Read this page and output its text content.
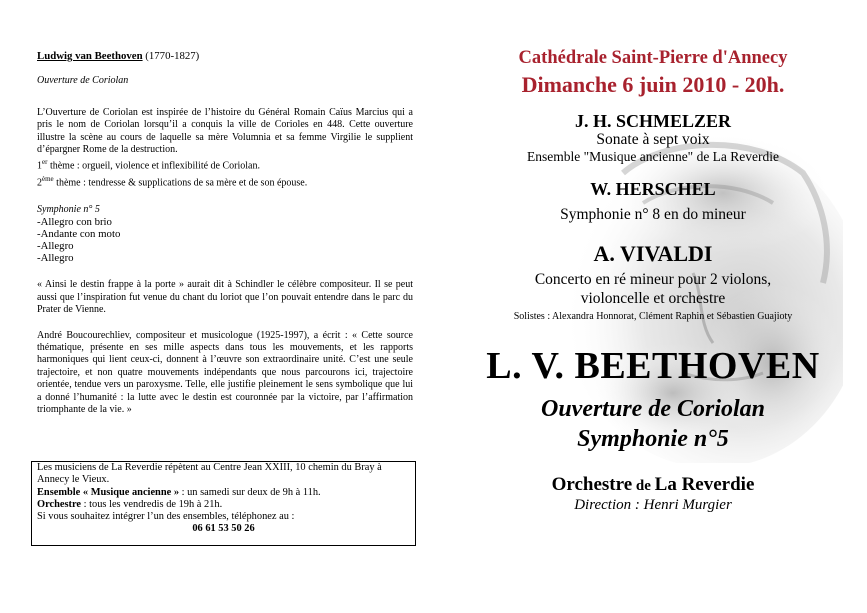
Ludwig van Beethoven (1770-1827)

Ouverture de Coriolan

L’Ouverture de Coriolan est inspirée de l’histoire du Général Romain Caïus Marcius qui a pris le nom de Coriolan lorsqu’il a conquis la ville de Corioles en 448. Cette ouverture illustre la scène au cours de laquelle sa mère Volumnia et sa femme Virgilie le supplient d’épargner Rome de la destruction.

1er thème : orgueil, violence et inflexibilité de Coriolan.

2ème thème : tendresse & supplications de sa mère et de son épouse.

Symphonie n° 5

-Allegro con brio

-Andante con moto

-Allegro

-Allegro

« Ainsi le destin frappe à la porte » aurait dit à Schindler le célèbre compositeur. Il se peut aussi que l’inspiration fut venue du chant du loriot que l’on pouvait entendre dans le parc du Prater de Vienne.

André Boucourechliev, compositeur et musicologue (1925-1997), a écrit : « Cette source thématique, présente en ses mille aspects dans tous les mouvements, et les rapports harmoniques qui lient ceux-ci, donnent à l’œuvre son extraordinaire unité. C’est une seule trajectoire, et non quatre mouvements indépendants que nous parcourons ici, trajectoire orientée, tendue vers un paroxysme. Telle, elle justifie pleinement le sens symbolique que lui a donné l’humanité : la lutte avec le destin est couronnée par la victoire, par l’affirmation triomphante de la vie. »

Les musiciens de La Reverdie répètent au Centre Jean XXIII, 10 chemin du Bray à Annecy le Vieux.

Ensemble « Musique ancienne » : un samedi sur deux de 9h à 11h.

Orchestre : tous les vendredis de 19h à 21h.

Si vous souhaitez intégrer l’un des ensembles, téléphonez au :

06 61 53 50 26

Cathédrale Saint-Pierre d'Annecy
Dimanche 6 juin 2010 - 20h.
J. H. SCHMELZER
Sonate à sept voix
Ensemble "Musique ancienne" de La Reverdie
W. HERSCHEL
Symphonie n° 8 en do mineur
A. VIVALDI
Concerto en ré mineur pour 2 violons,
violoncelle et orchestre
Solistes : Alexandra Honnorat, Clément Raphin et Sébastien Guajioty
L. V. BEETHOVEN
Ouverture de Coriolan
Symphonie n°5
Orchestre de La Reverdie
Direction : Henri Murgier
